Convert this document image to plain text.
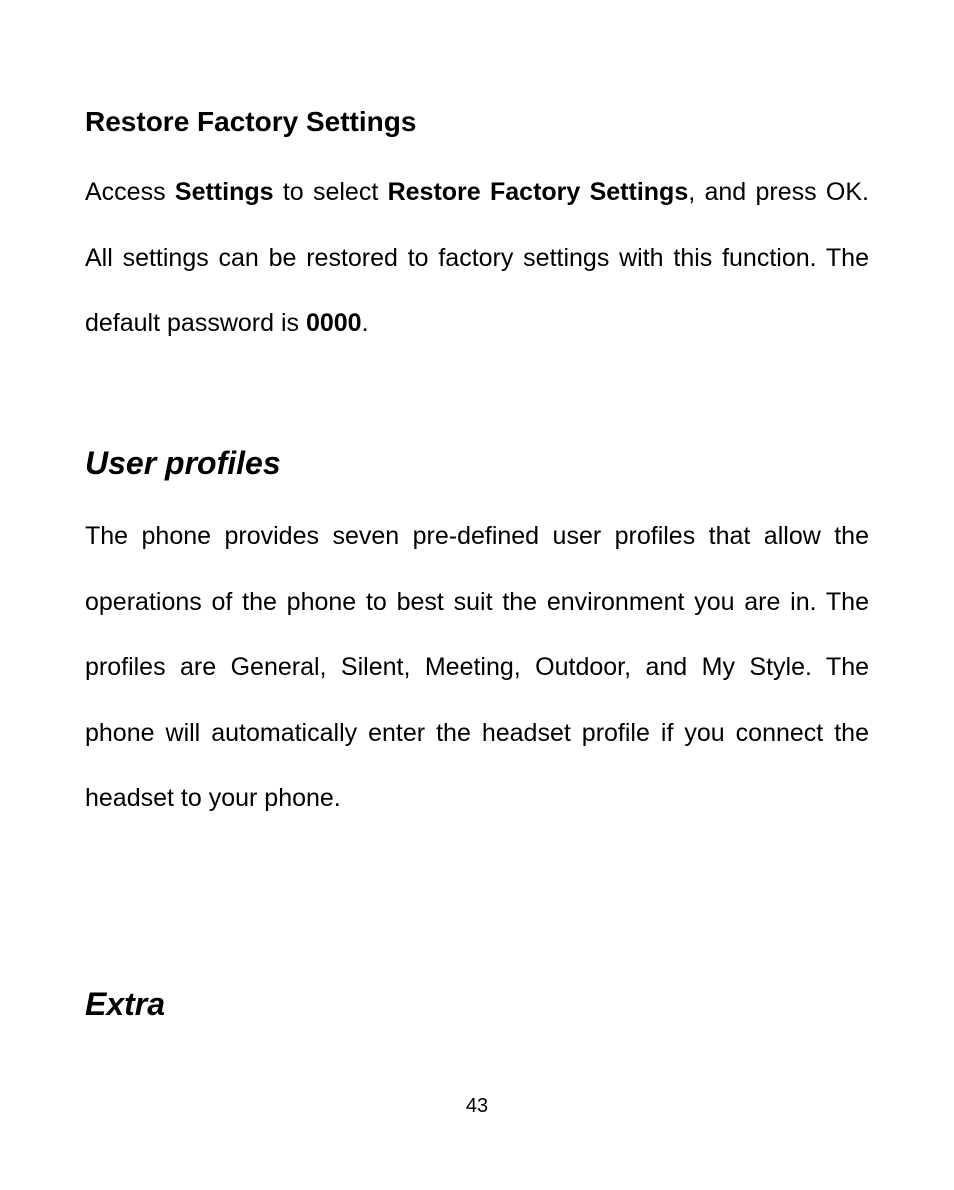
Restore Factory Settings

Access Settings to select Restore Factory Settings, and press OK. All settings can be restored to factory settings with this function. The default password is 0000.

User profiles

The phone provides seven pre-defined user profiles that allow the operations of the phone to best suit the environment you are in. The profiles are General, Silent, Meeting, Outdoor, and My Style. The phone will automatically enter the headset profile if you connect the headset to your phone.

Extra
43
